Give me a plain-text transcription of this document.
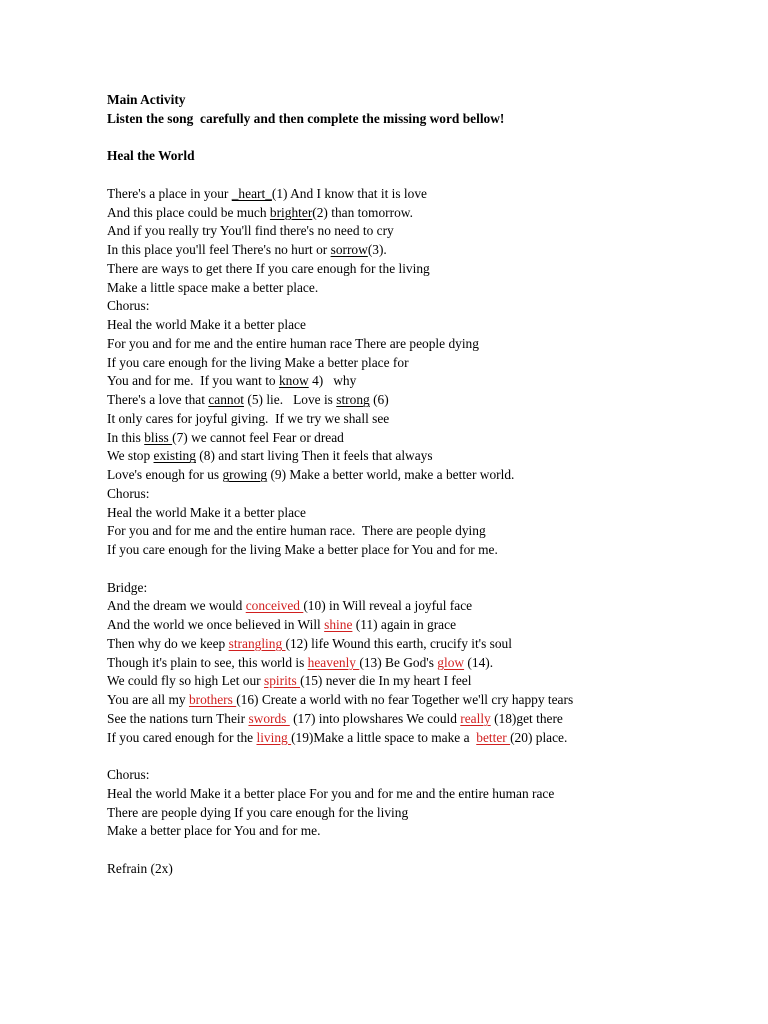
Main Activity
Listen the song  carefully and then complete the missing word bellow!
Heal the World
There's a place in your _heart_(1) And I know that it is love
And this place could be much brighter(2) than tomorrow.
And if you really try You'll find there's no need to cry
In this place you'll feel There's no hurt or sorrow(3).
There are ways to get there If you care enough for the living
Make a little space make a better place.
Chorus:
Heal the world Make it a better place
For you and for me and the entire human race There are people dying
If you care enough for the living Make a better place for
You and for me.  If you want to know 4)   why
There's a love that cannot (5) lie.   Love is strong (6)
It only cares for joyful giving.  If we try we shall see
In this bliss (7) we cannot feel Fear or dread
We stop existing (8) and start living Then it feels that always
Love's enough for us growing (9) Make a better world, make a better world.
Chorus:
Heal the world Make it a better place
For you and for me and the entire human race.  There are people dying
If you care enough for the living Make a better place for You and for me.
Bridge:
And the dream we would conceived (10) in Will reveal a joyful face
And the world we once believed in Will shine (11) again in grace
Then why do we keep strangling (12) life Wound this earth, crucify it's soul
Though it's plain to see, this world is heavenly (13) Be God's glow (14).
We could fly so high Let our spirits (15) never die In my heart I feel
You are all my brothers (16) Create a world with no fear Together we'll cry happy tears
See the nations turn Their swords  (17) into plowshares We could really (18)get there
If you cared enough for the living (19)Make a little space to make a  better (20) place.
Chorus:
Heal the world Make it a better place For you and for me and the entire human race
There are people dying If you care enough for the living
Make a better place for You and for me.
Refrain (2x)
